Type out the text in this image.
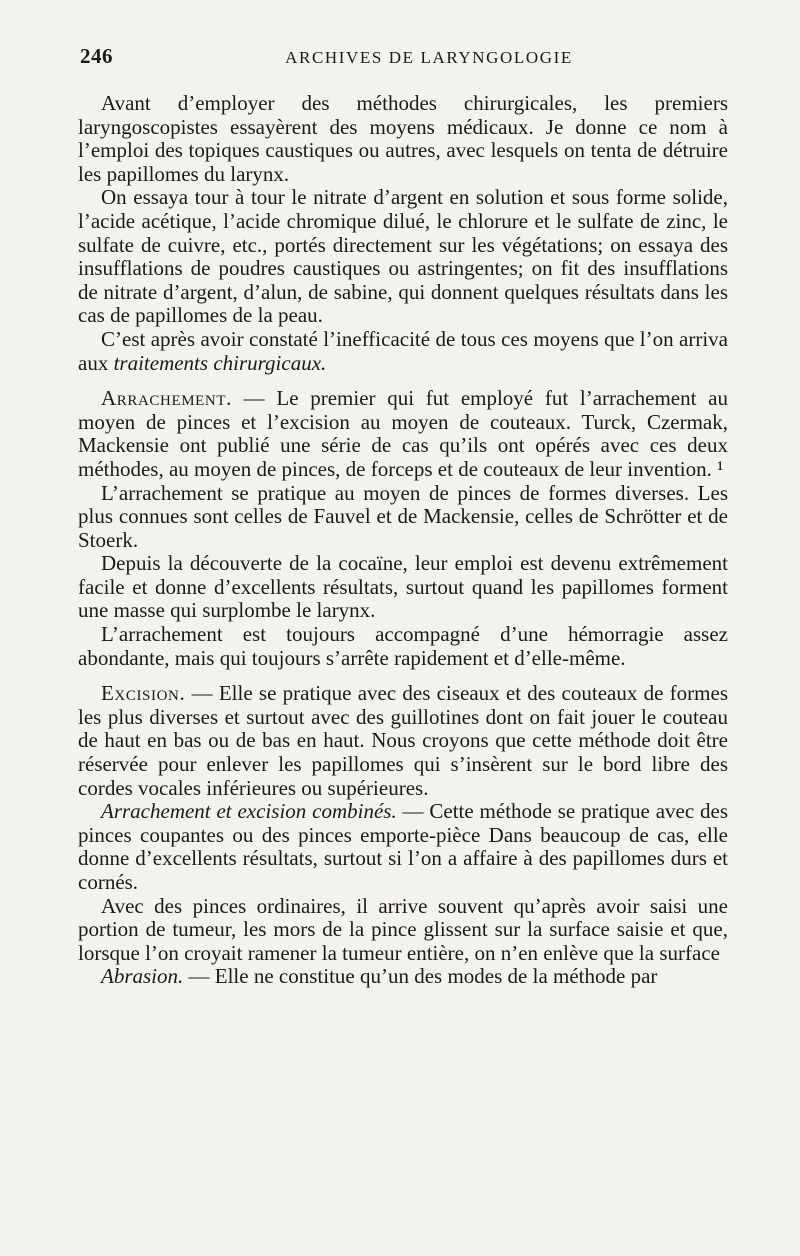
246	ARCHIVES DE LARYNGOLOGIE

Avant d’employer des méthodes chirurgicales, les premiers laryngoscopistes essayèrent des moyens médicaux. Je donne ce nom à l’emploi des topiques caustiques ou autres, avec lesquels on tenta de détruire les papillomes du larynx.

On essaya tour à tour le nitrate d’argent en solution et sous forme solide, l’acide acétique, l’acide chromique dilué, le chlorure et le sulfate de zinc, le sulfate de cuivre, etc., portés directement sur les végétations; on essaya des insufflations de poudres caustiques ou astringentes; on fit des insufflations de nitrate d’argent, d’alun, de sabine, qui donnent quelques résultats dans les cas de papillomes de la peau.

C’est après avoir constaté l’inefficacité de tous ces moyens que l’on arriva aux traitements chirurgicaux.

Arrachement. — Le premier qui fut employé fut l’arrachement au moyen de pinces et l’excision au moyen de couteaux. Turck, Czermak, Mackensie ont publié une série de cas qu’ils ont opérés avec ces deux méthodes, au moyen de pinces, de forceps et de couteaux de leur invention. ¹

L’arrachement se pratique au moyen de pinces de formes diverses. Les plus connues sont celles de Fauvel et de Mackensie, celles de Schrötter et de Stoerk.

Depuis la découverte de la cocaïne, leur emploi est devenu extrêmement facile et donne d’excellents résultats, surtout quand les papillomes forment une masse qui surplombe le larynx.

L’arrachement est toujours accompagné d’une hémorragie assez abondante, mais qui toujours s’arrête rapidement et d’elle-même.

Excision. — Elle se pratique avec des ciseaux et des couteaux de formes les plus diverses et surtout avec des guillotines dont on fait jouer le couteau de haut en bas ou de bas en haut. Nous croyons que cette méthode doit être réservée pour enlever les papillomes qui s’insèrent sur le bord libre des cordes vocales inférieures ou supérieures.

Arrachement et excision combinés. — Cette méthode se pratique avec des pinces coupantes ou des pinces emporte-pièce Dans beaucoup de cas, elle donne d’excellents résultats, surtout si l’on a affaire à des papillomes durs et cornés.

Avec des pinces ordinaires, il arrive souvent qu’après avoir saisi une portion de tumeur, les mors de la pince glissent sur la surface saisie et que, lorsque l’on croyait ramener la tumeur entière, on n’en enlève que la surface

Abrasion. — Elle ne constitue qu’un des modes de la méthode par
